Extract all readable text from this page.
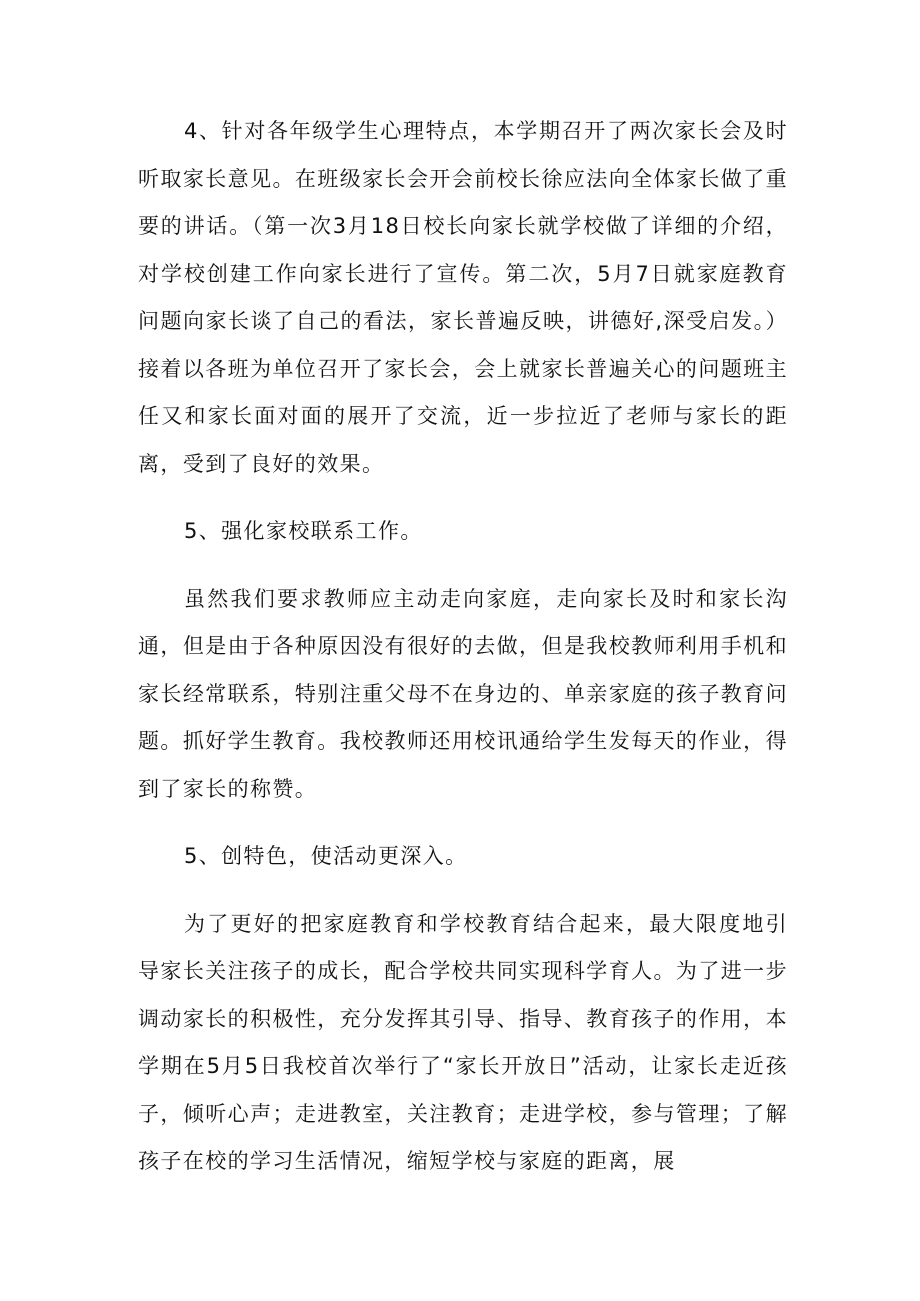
4、针对各年级学生心理特点，本学期召开了两次家长会及时听取家长意见。在班级家长会开会前校长徐应法向全体家长做了重要的讲话。（第一次3月18日校长向家长就学校做了详细的介绍，对学校创建工作向家长进行了宣传。第二次，5月7日就家庭教育问题向家长谈了自己的看法，家长普遍反映，讲德好,深受启发。）接着以各班为单位召开了家长会，会上就家长普遍关心的问题班主任又和家长面对面的展开了交流，近一步拉近了老师与家长的距离，受到了良好的效果。

5、强化家校联系工作。

虽然我们要求教师应主动走向家庭，走向家长及时和家长沟通，但是由于各种原因没有很好的去做，但是我校教师利用手机和家长经常联系，特别注重父母不在身边的、单亲家庭的孩子教育问题。抓好学生教育。我校教师还用校讯通给学生发每天的作业，得到了家长的称赞。

5、创特色，使活动更深入。

为了更好的把家庭教育和学校教育结合起来，最大限度地引导家长关注孩子的成长，配合学校共同实现科学育人。为了进一步调动家长的积极性，充分发挥其引导、指导、教育孩子的作用，本学期在5月5日我校首次举行了“家长开放日”活动，让家长走近孩子，倾听心声；走进教室，关注教育；走进学校，参与管理；了解孩子在校的学习生活情况，缩短学校与家庭的距离，展
